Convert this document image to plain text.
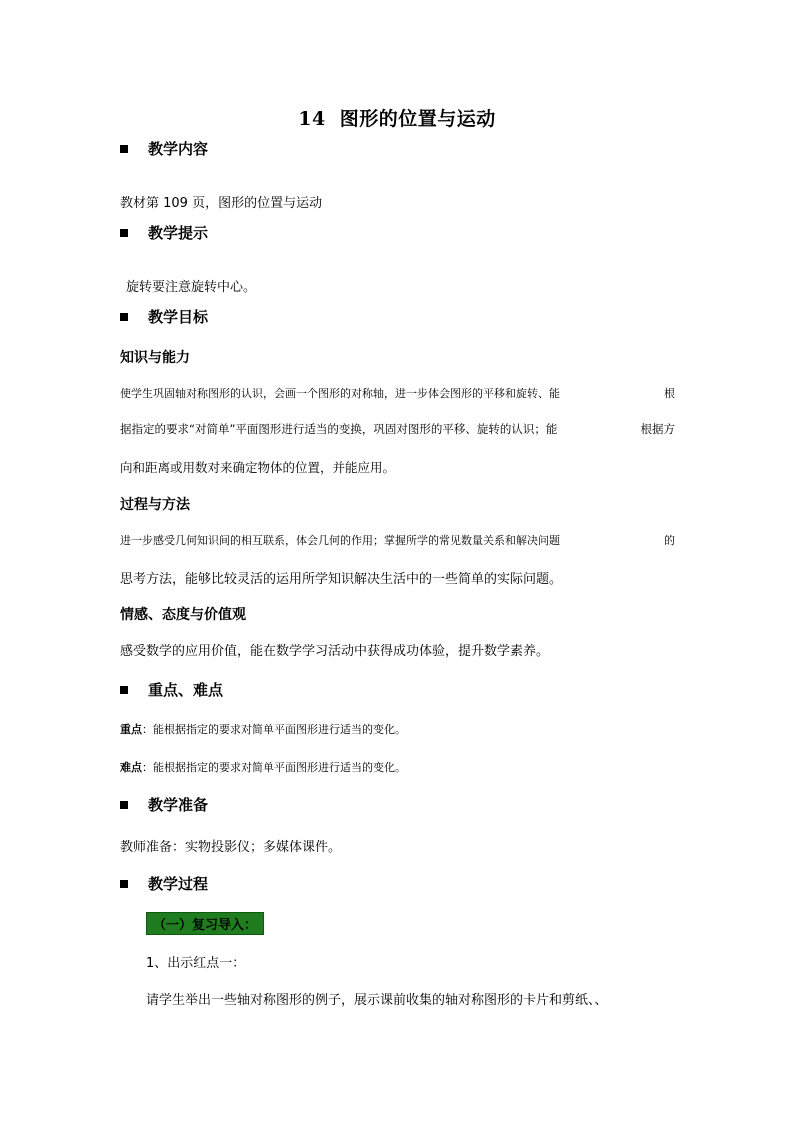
14 图形的位置与运动
教学内容
教材第 109 页，图形的位置与运动
教学提示
旋转要注意旋转中心。
教学目标
知识与能力
使学生巩固轴对称图形的认识，会画一个图形的对称轴，进一步体会图形的平移和旋转、能	根
据指定的要求“对简单”平面图形进行适当的变换，巩固对图形的平移、旋转的认识；能	根据方
向和距离或用数对来确定物体的位置，并能应用。
过程与方法
进一步感受几何知识间的相互联系，体会几何的作用；掌握所学的常见数量关系和解决问题	的
思考方法，能够比较灵活的运用所学知识解决生活中的一些简单的实际问题。
情感、态度与价值观
感受数学的应用价值，能在数学学习活动中获得成功体验，提升数学素养。
重点、难点
重点：能根据指定的要求对简单平面图形进行适当的变化。
难点：能根据指定的要求对简单平面图形进行适当的变化。
教学准备
教师准备：实物投影仪；多媒体课件。
教学过程
（一）复习导入：
1、出示红点一：
请学生举出一些轴对称图形的例子，展示课前收集的轴对称图形的卡片和剪纸、、
